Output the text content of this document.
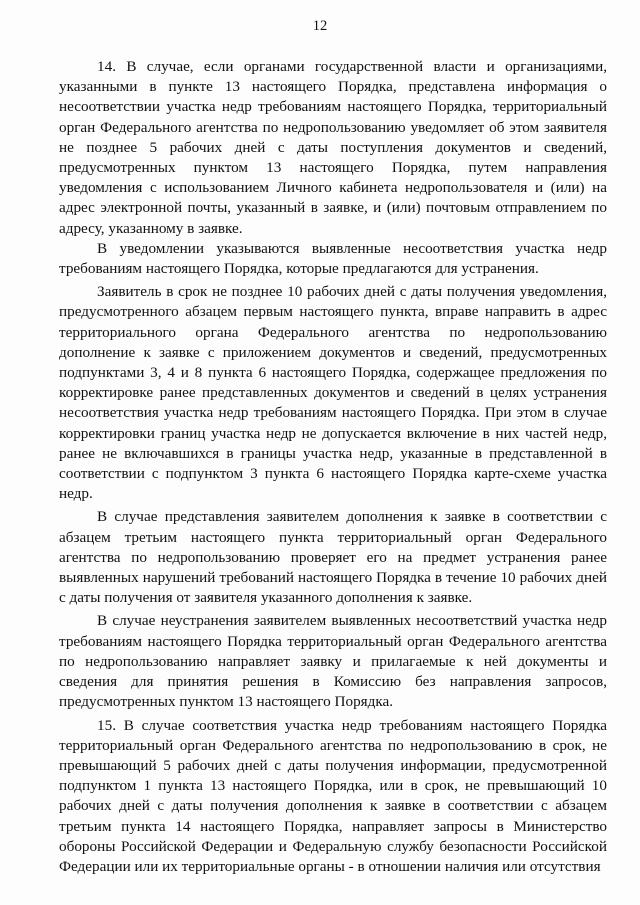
12

14. В случае, если органами государственной власти и организациями, указанными в пункте 13 настоящего Порядка, представлена информация о несоответствии участка недр требованиям настоящего Порядка, территориальный орган Федерального агентства по недропользованию уведомляет об этом заявителя не позднее 5 рабочих дней с даты поступления документов и сведений, предусмотренных пунктом 13 настоящего Порядка, путем направления уведомления с использованием Личного кабинета недропользователя и (или) на адрес электронной почты, указанный в заявке, и (или) почтовым отправлением по адресу, указанному в заявке.

В уведомлении указываются выявленные несоответствия участка недр требованиям настоящего Порядка, которые предлагаются для устранения.

Заявитель в срок не позднее 10 рабочих дней с даты получения уведомления, предусмотренного абзацем первым настоящего пункта, вправе направить в адрес территориального органа Федерального агентства по недропользованию дополнение к заявке с приложением документов и сведений, предусмотренных подпунктами 3, 4 и 8 пункта 6 настоящего Порядка, содержащее предложения по корректировке ранее представленных документов и сведений в целях устранения несоответствия участка недр требованиям настоящего Порядка. При этом в случае корректировки границ участка недр не допускается включение в них частей недр, ранее не включавшихся в границы участка недр, указанные в представленной в соответствии с подпунктом 3 пункта 6 настоящего Порядка карте-схеме участка недр.

В случае представления заявителем дополнения к заявке в соответствии с абзацем третьим настоящего пункта территориальный орган Федерального агентства по недропользованию проверяет его на предмет устранения ранее выявленных нарушений требований настоящего Порядка в течение 10 рабочих дней с даты получения от заявителя указанного дополнения к заявке.

В случае неустранения заявителем выявленных несоответствий участка недр требованиям настоящего Порядка территориальный орган Федерального агентства по недропользованию направляет заявку и прилагаемые к ней документы и сведения для принятия решения в Комиссию без направления запросов, предусмотренных пунктом 13 настоящего Порядка.

15. В случае соответствия участка недр требованиям настоящего Порядка территориальный орган Федерального агентства по недропользованию в срок, не превышающий 5 рабочих дней с даты получения информации, предусмотренной подпунктом 1 пункта 13 настоящего Порядка, или в срок, не превышающий 10 рабочих дней с даты получения дополнения к заявке в соответствии с абзацем третьим пункта 14 настоящего Порядка, направляет запросы в Министерство обороны Российской Федерации и Федеральную службу безопасности Российской Федерации или их территориальные органы - в отношении наличия или отсутствия
